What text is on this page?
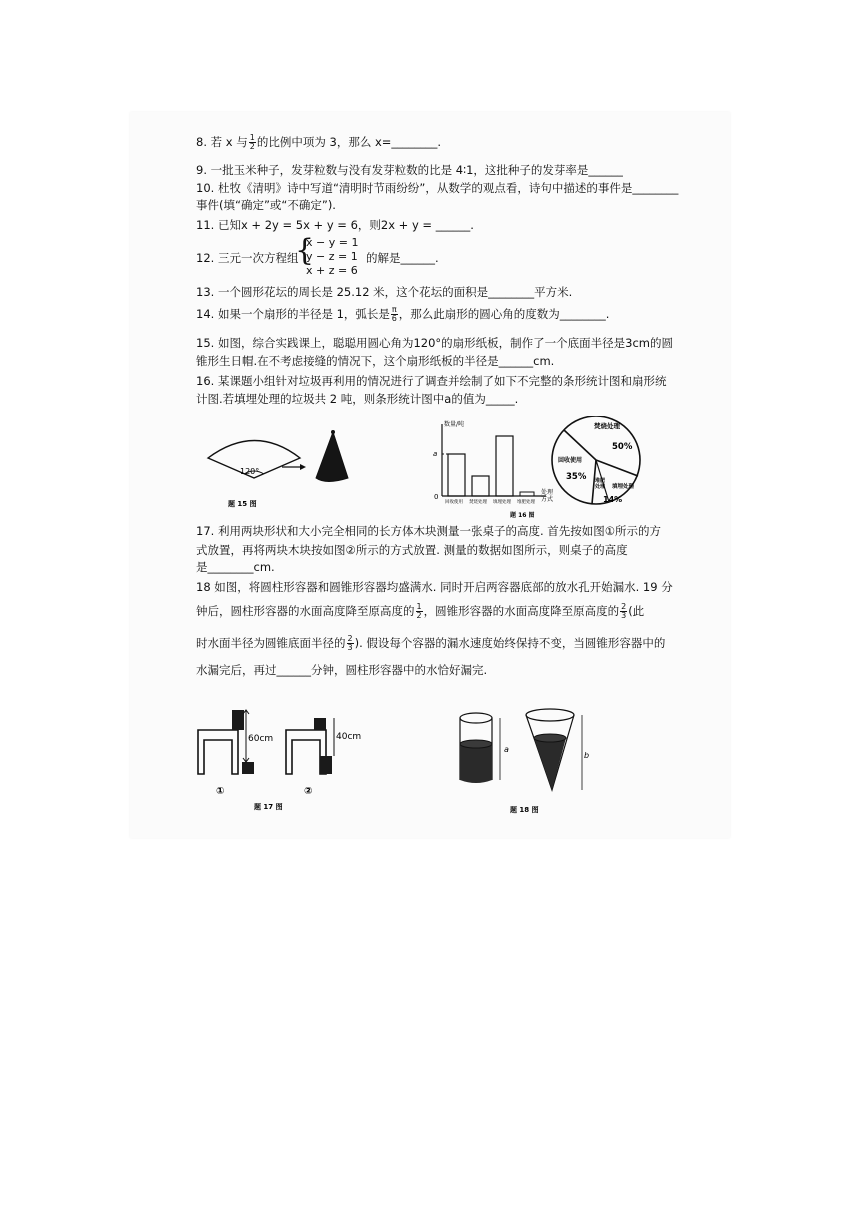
8. 若 x 与 $\frac{1}{2}$ 的比例中项为 3，那么 x=________.
9. 一批玉米种子，发芽粒数与没有发芽粒数的比是 4∶1，这批种子的发芽率是______
10. 杜牧《清明》诗中写道“清明时节雨纷纷”，从数学的观点看，诗句中描述的事件是________
事件(填“确定”或“不确定”).
11. 已知x + 2y = 5x + y = 6，则2x + y = ______.
12. 三元一次方程组
{
x − y = 1
y − z = 1
x + z = 6
的解是______.
13. 一个圆形花坛的周长是 25.12 米，这个花坛的面积是________平方米.
14. 如果一个扇形的半径是 1，弧长是 $\frac{\pi}{6}$ ，那么此扇形的圆心角的度数为________.
15. 如图，综合实践课上，聪聪用圆心角为120°的扇形纸板，制作了一个底面半径是3cm的圆
锥形生日帽.在不考虑接缝的情况下，这个扇形纸板的半径是______cm.
16. 某课题小组针对垃圾再利用的情况进行了调查并绘制了如下不完整的条形统计图和扇形统
计图.若填埋处理的垃圾共 2 吨，则条形统计图中a的值为_____.
120°
题 15 图
数量/吨
a
0
回收使用 焚烧处理 填埋处理 堆肥处理
处理
方式
题 16 图
焚烧处理
50%
回收使用
35% 堆肥
处理 填埋处理
14%
17. 利用两块形状和大小完全相同的长方体木块测量一张桌子的高度. 首先按如图①所示的方
式放置，再将两块木块按如图②所示的方式放置. 测量的数据如图所示，则桌子的高度
是________cm.
18 如图，将圆柱形容器和圆锥形容器均盛满水. 同时开启两容器底部的放水孔开始漏水. 19 分
钟后，圆柱形容器的水面高度降至原高度的 $\frac{1}{2}$ ，圆锥形容器的水面高度降至原高度的 $\frac{2}{3}$ (此
时水面半径为圆锥底面半径的 $\frac{2}{3}$ ). 假设每个容器的漏水速度始终保持不变，当圆锥形容器中的
水漏完后，再过______分钟，圆柱形容器中的水恰好漏完.
60cm	40cm
①	②
题 17 图
a
b
题 18 图
